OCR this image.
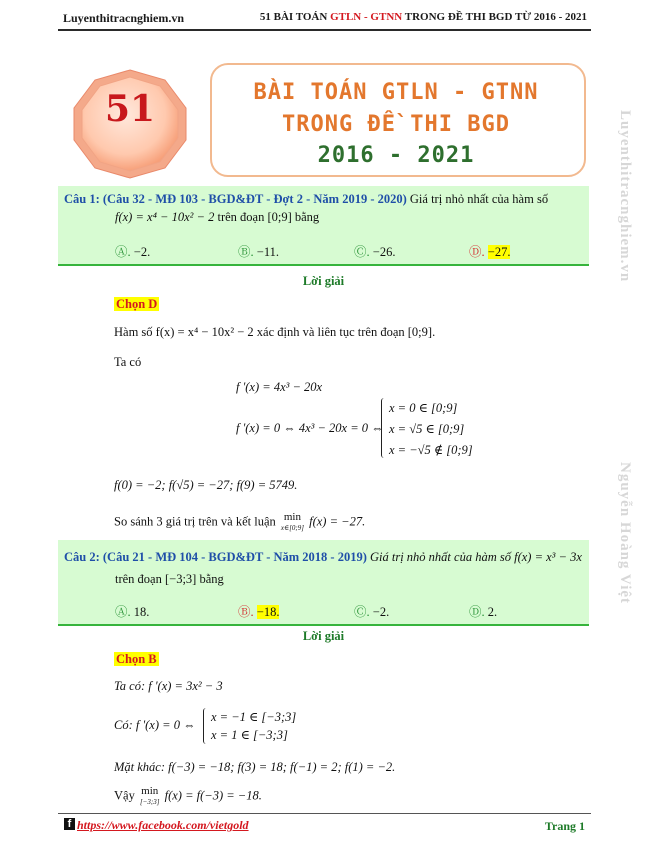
Luyenthitracnghiem.vn	51 BÀI TOÁN GTLN - GTNN TRONG ĐỀ THI BGD TỪ 2016 - 2021
51	BÀI TOÁN GTLN - GTNN
TRONG ĐỀ THI BGD
2016 - 2021	Luyenthitracnghiem.vn
Nguyễn Hoàng Việt
Câu 1: (Câu 32 - MĐ 103 - BGD&ĐT - Đợt 2 - Năm 2019 - 2020) Giá trị nhỏ nhất của hàm số
f(x) = x⁴ − 10x² − 2 trên đoạn [0;9] bằng
Ⓐ. −2.	Ⓑ. −11.	Ⓒ. −26.	Ⓓ. −27.
Lời giải
Chọn D
Hàm số f(x) = x⁴ − 10x² − 2 xác định và liên tục trên đoạn [0;9].
Ta có
f '(x) = 4x³ − 20x
f '(x) = 0 ⇔ 4x³ − 20x = 0 ⇔
x = 0 ∈ [0;9]
x = √5 ∈ [0;9]
x = −√5 ∉ [0;9]
f(0) = −2; f(√5) = −27; f(9) = 5749.
So sánh 3 giá trị trên và kết luận min
x∈[0;9] f(x) = −27.
Câu 2: (Câu 21 - MĐ 104 - BGD&ĐT - Năm 2018 - 2019) Giá trị nhỏ nhất của hàm số f(x) = x³ − 3x
trên đoạn [−3;3] bằng
Ⓐ. 18.	Ⓑ. −18.	Ⓒ. −2.	Ⓓ. 2.
Lời giải
Chọn B
Ta có: f '(x) = 3x² − 3
Có: f '(x) = 0 ⇔
x = −1 ∈ [−3;3]
x = 1 ∈ [−3;3]
Mặt khác: f(−3) = −18; f(3) = 18; f(−1) = 2; f(1) = −2.
Vậy min
[−3;3] f(x) = f(−3) = −18.
f https://www.facebook.com/vietgold	Trang 1
